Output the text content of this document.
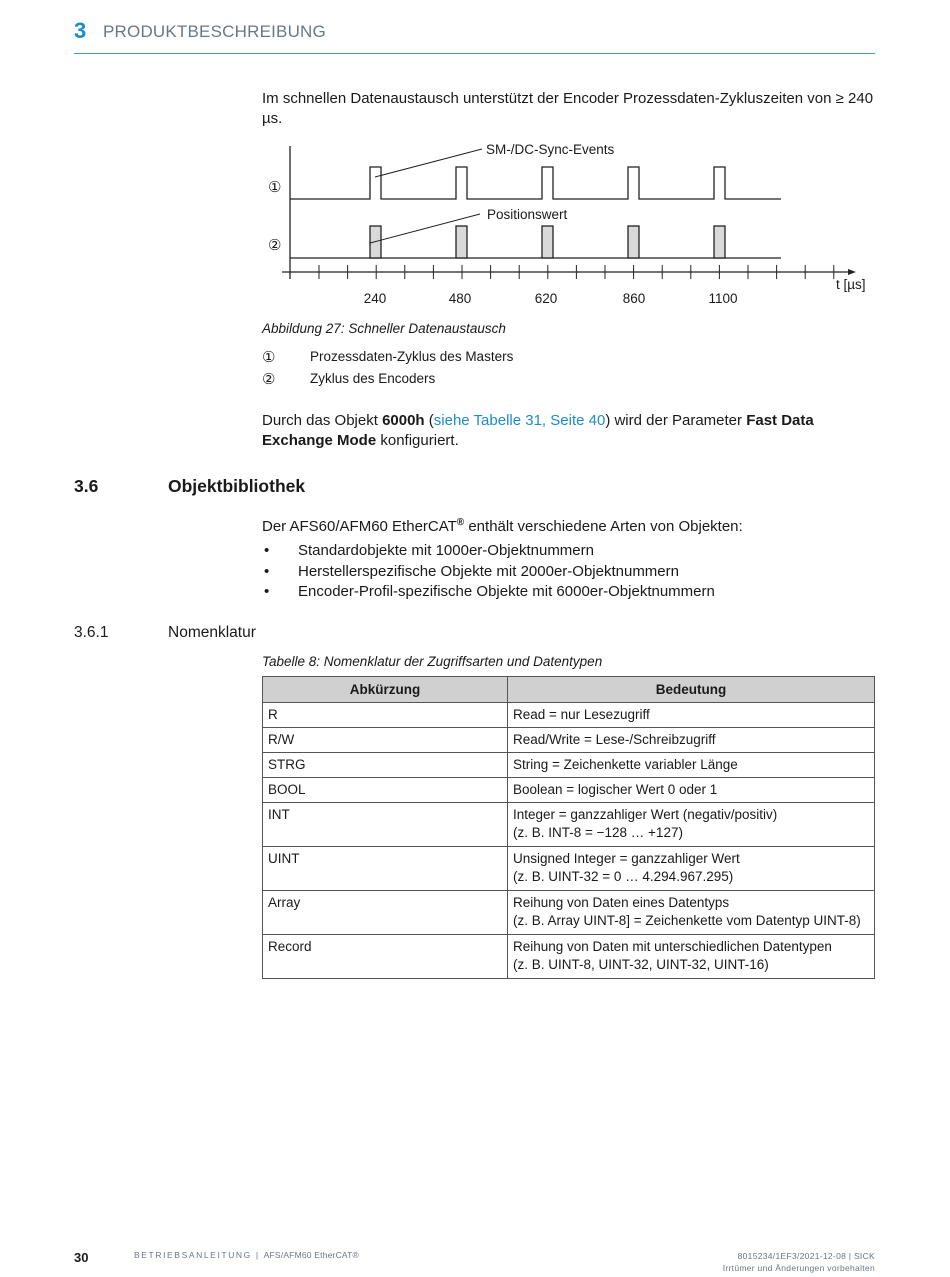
3 PRODUKTBESCHREIBUNG
Im schnellen Datenaustausch unterstützt der Encoder Prozessdaten-Zykluszeiten von ≥ 240 µs.
SM-/DC-Sync-Events
Positionswert
①
②
t [µs]
240	480	620	860	1100
Abbildung 27: Schneller Datenaustausch
①	Prozessdaten-Zyklus des Masters
②	Zyklus des Encoders
Durch das Objekt 6000h (siehe Tabelle 31, Seite 40) wird der Parameter Fast Data Exchange Mode konfiguriert.
3.6	Objektbibliothek
Der AFS60/AFM60 EtherCAT® enthält verschiedene Arten von Objekten:
• Standardobjekte mit 1000er-Objektnummern
• Herstellerspezifische Objekte mit 2000er-Objektnummern
• Encoder-Profil-spezifische Objekte mit 6000er-Objektnummern
3.6.1	Nomenklatur
Tabelle 8: Nomenklatur der Zugriffsarten und Datentypen
Abkürzung	Bedeutung
R	Read = nur Lesezugriff
R/W	Read/Write = Lese-/Schreibzugriff
STRG	String = Zeichenkette variabler Länge
BOOL	Boolean = logischer Wert 0 oder 1
INT	Integer = ganzzahliger Wert (negativ/positiv)
(z. B. INT-8 = −128 … +127)

UINT	Unsigned Integer = ganzzahliger Wert
(z. B. UINT-32 = 0 … 4.294.967.295)

Array	Reihung von Daten eines Datentyps
(z. B. Array UINT-8] = Zeichenkette vom Datentyp UINT-8)

Record	Reihung von Daten mit unterschiedlichen Datentypen
(z. B. UINT-8, UINT-32, UINT-32, UINT-16)
30	BETRIEBSANLEITUNG | AFS/AFM60 EtherCAT®	8015234/1EF3/2021-12-08 | SICK
Irrtümer und Änderungen vorbehalten
